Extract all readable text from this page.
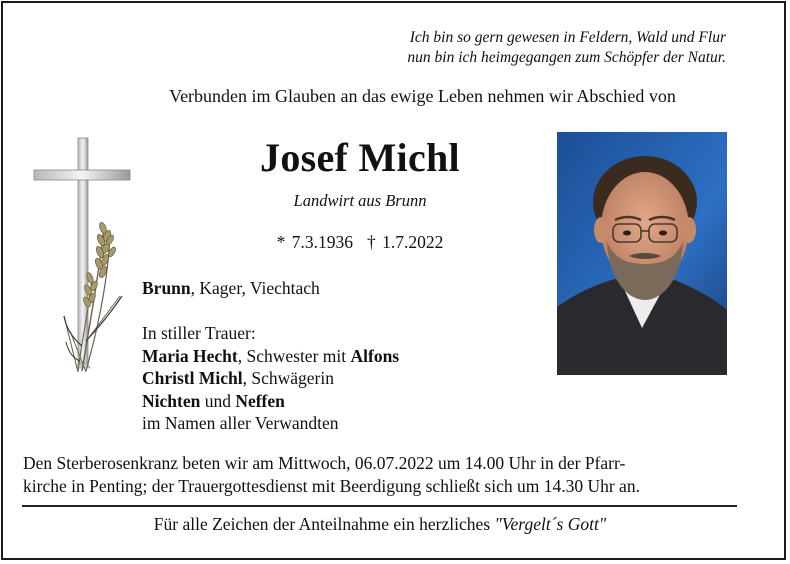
Ich bin so gern gewesen in Feldern, Wald und Flur
nun bin ich heimgegangen zum Schöpfer der Natur.
Verbunden im Glauben an das ewige Leben nehmen wir Abschied von
Josef Michl
Landwirt aus Brunn
* 7.3.1936 † 1.7.2022
Brunn, Kager, Viechtach
In stiller Trauer:
Maria Hecht, Schwester mit Alfons
Christl Michl, Schwägerin
Nichten und Neffen
im Namen aller Verwandten
Den Sterberosenkranz beten wir am Mittwoch, 06.07.2022 um 14.00 Uhr in der Pfarr-
kirche in Penting; der Trauergottesdienst mit Beerdigung schließt sich um 14.30 Uhr an.
Für alle Zeichen der Anteilnahme ein herzliches "Vergelt´s Gott"
